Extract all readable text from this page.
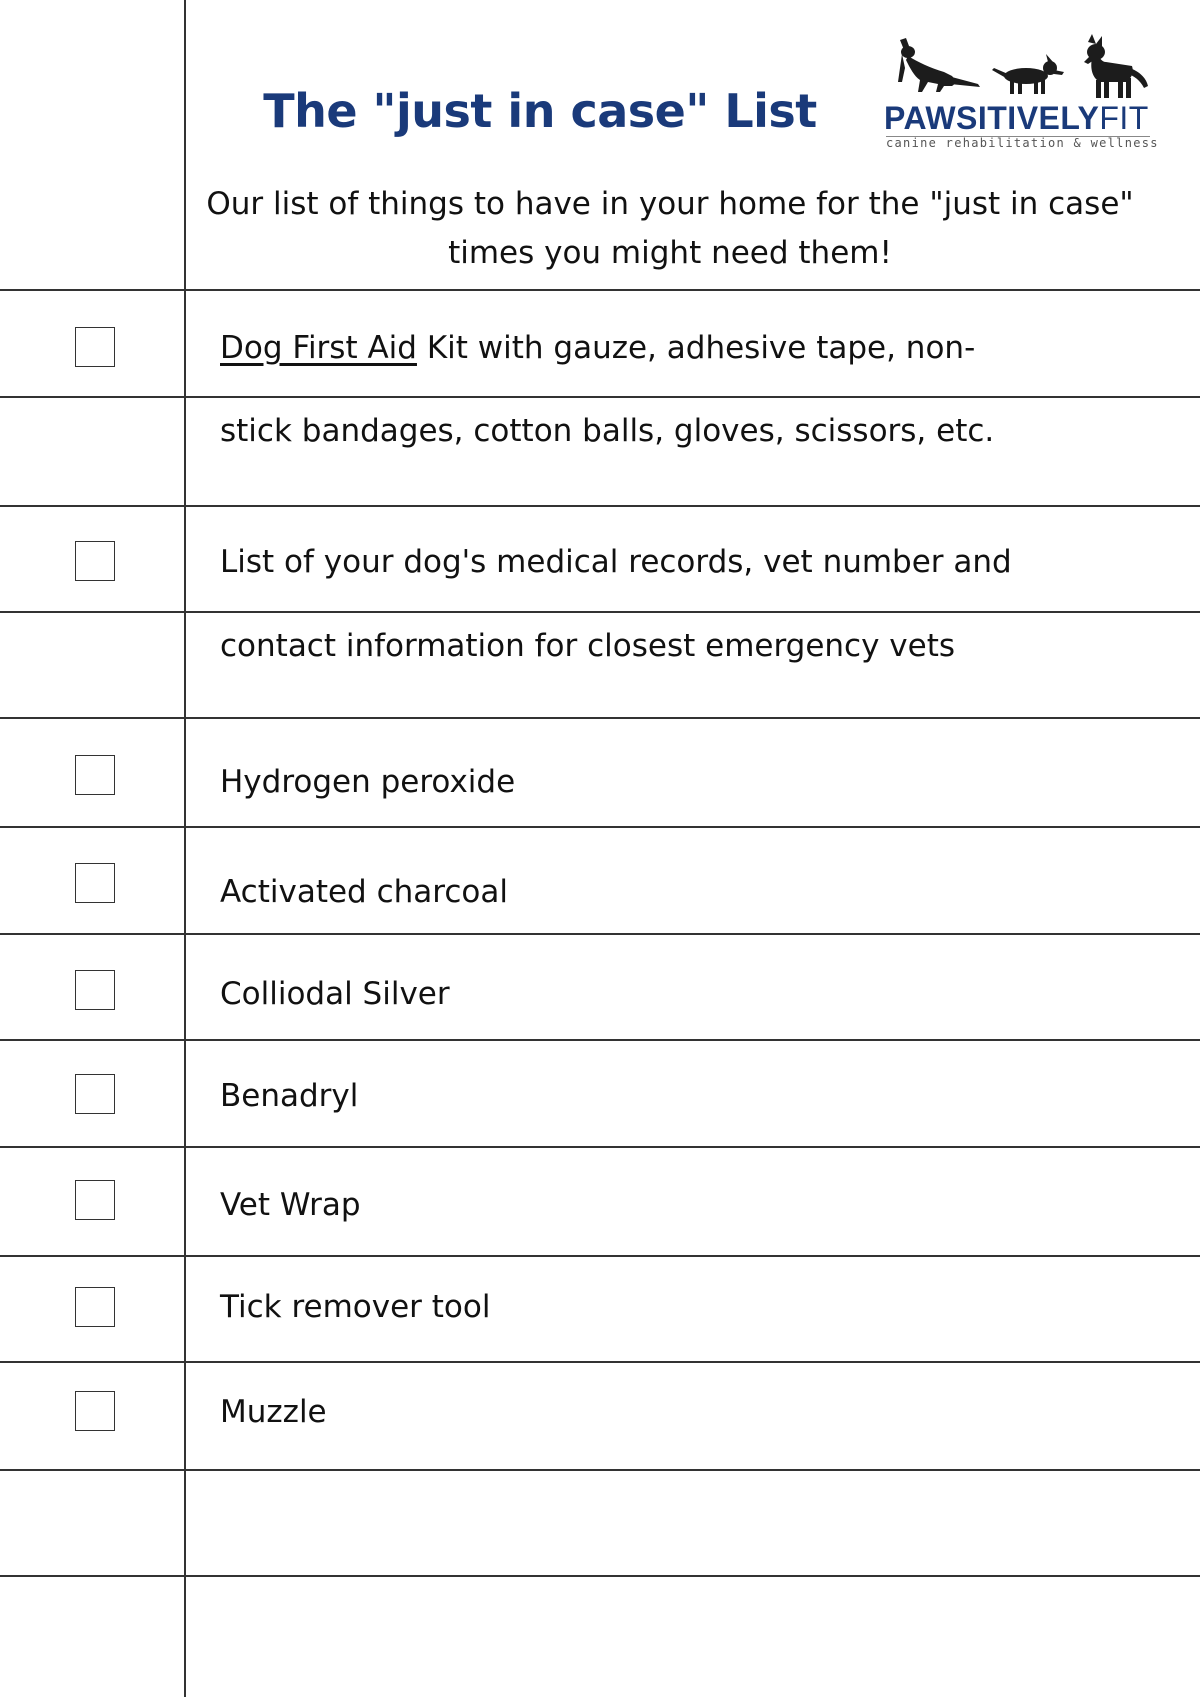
The "just in case" List	PAWSITIVELYFIT
canine rehabilitation & wellness
Our list of things to have in your home for the "just in case" times you might need them!
Dog First Aid Kit with gauze, adhesive tape, non-
stick bandages, cotton balls, gloves, scissors, etc.
List of your dog's medical records, vet number and
contact information for closest emergency vets
Hydrogen peroxide
Activated charcoal
Colliodal Silver
Benadryl
Vet Wrap
Tick remover tool
Muzzle
